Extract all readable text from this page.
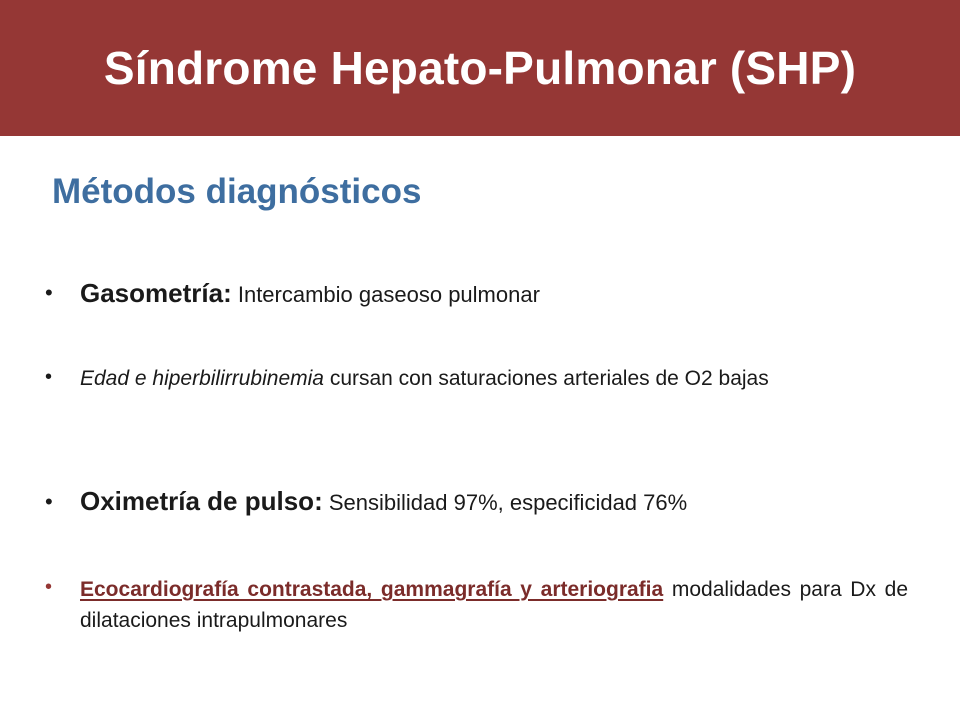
Síndrome Hepato-Pulmonar (SHP)
Métodos diagnósticos
•	Gasometría: Intercambio gaseoso pulmonar
•	Edad e hiperbilirrubinemia cursan con saturaciones arteriales de O2 bajas
•	Oximetría de pulso: Sensibilidad 97%, especificidad 76%
•	Ecocardiografía contrastada, gammagrafía y arteriografia modalidades para Dx de dilataciones intrapulmonares
